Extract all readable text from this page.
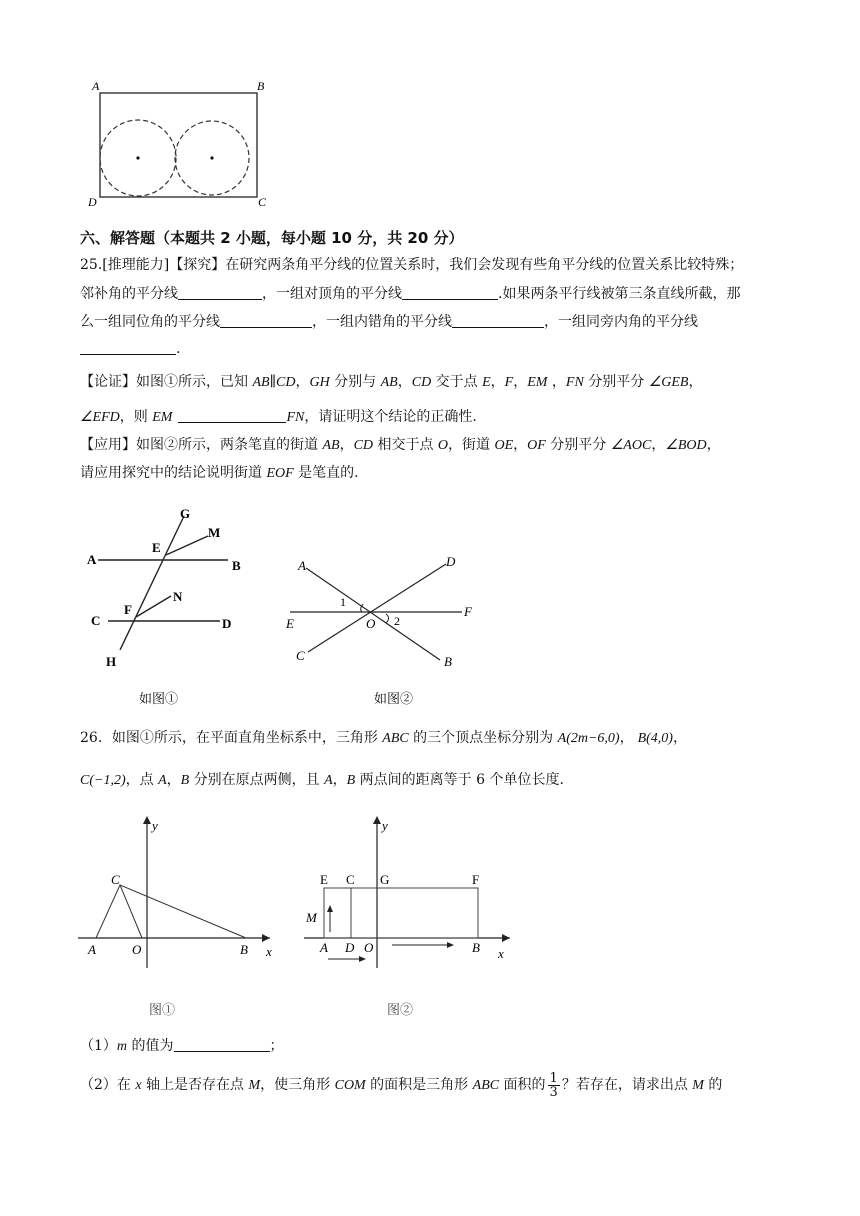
A	B
D	C
六、解答题（本题共 2 小题，每小题 10 分，共 20 分）
25.[推理能力]【探究】在研究两条角平分线的位置关系时，我们会发现有些角平分线的位置关系比较特殊；
邻补角的平分线	，一组对顶角的平分线	.如果两条平行线被第三条直线所截，那
么一组同位角的平分线	，一组内错角的平分线	，一组同旁内角的平分线
.
【论证】如图①所示，已知 AB∥CD，GH 分别与 AB，CD 交于点 E，F，EM ，FN 分别平分 ∠GEB，
∠EFD，则 EM	FN，请证明这个结论的正确性.
【应用】如图②所示，两条笔直的街道 AB，CD 相交于点 O，街道 OE，OF 分别平分 ∠AOC，∠BOD，
请应用探究中的结论说明街道 EOF 是笔直的.
G
M
A
E
B
N
C
F
D
H
如图①
A	D
1
E	O 2
F
C	B
如图②
26．如图①所示，在平面直角坐标系中，三角形 ABC 的三个顶点坐标分别为 A(2m−6,0)， B(4,0)，
C(−1,2)，点 A，B 分别在原点两侧，且 A，B 两点间的距离等于 6 个单位长度.
y
C
A	O	B x
图①
y
E C G	F
M
A D O	B x
图②
（1）m 的值为	；
（2）在 x 轴上是否存在点 M，使三角形 COM 的面积是三角形 ABC 面积的 $\frac{1}{3}$ ？若存在，请求出点 M 的
